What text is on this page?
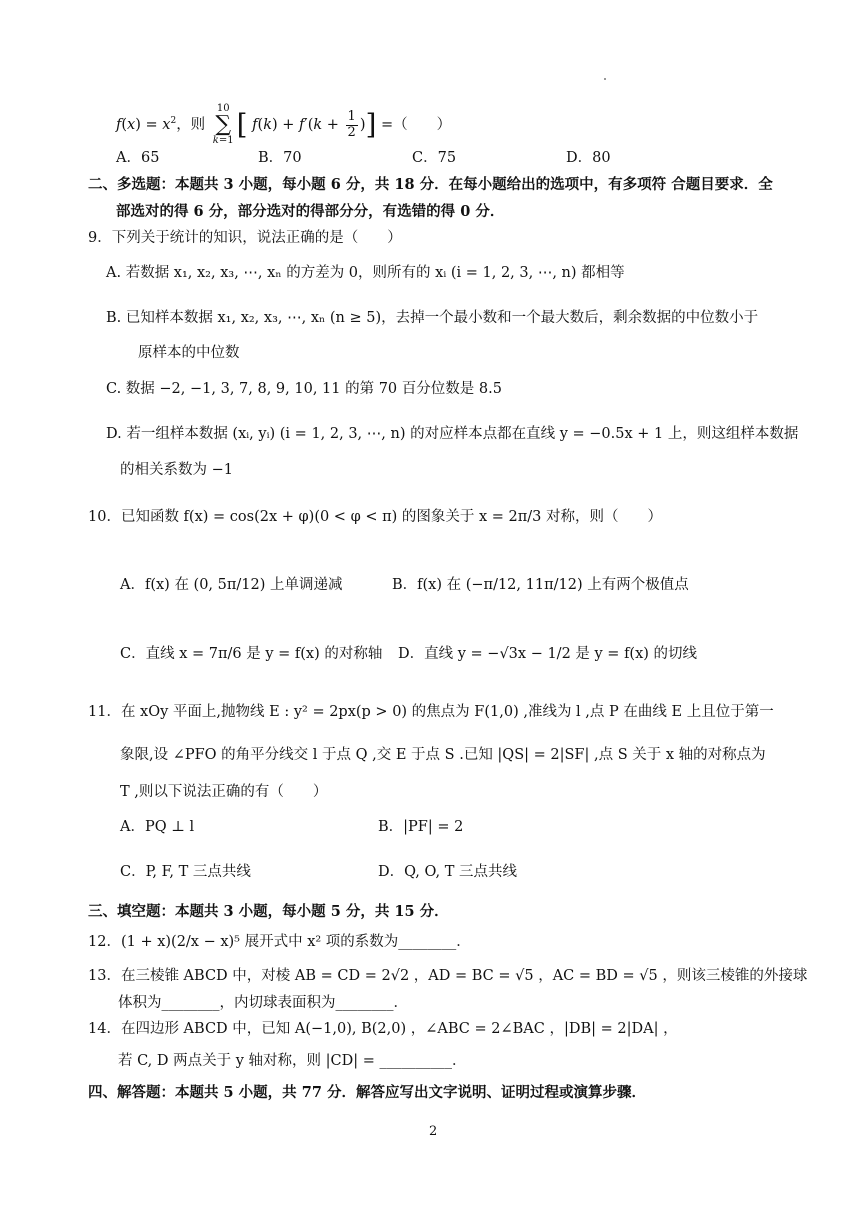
$f(x) = x^2$，则
10
∑
k=1 [ $f(k) + f'(k + \frac{1}{2}$ )] =（　　）
A．65	B．70	C．75	D．80
二、多选题：本题共 3 小题，每小题 6 分，共 18 分．在每小题给出的选项中，有多项符 合题目要求．全
部选对的得 6 分，部分选对的得部分分，有选错的得 0 分．
9．下列关于统计的知识，说法正确的是（　　）
A. 若数据 x₁, x₂, x₃, ⋯, xₙ 的方差为 0，则所有的 xᵢ (i = 1, 2, 3, ⋯, n) 都相等
B. 已知样本数据 x₁, x₂, x₃, ⋯, xₙ (n ≥ 5)，去掉一个最小数和一个最大数后，剩余数据的中位数小于
原样本的中位数
C. 数据 −2, −1, 3, 7, 8, 9, 10, 11 的第 70 百分位数是 8.5
D. 若一组样本数据 (xᵢ, yᵢ) (i = 1, 2, 3, ⋯, n) 的对应样本点都在直线 y = −0.5x + 1 上，则这组样本数据
的相关系数为 −1
10．已知函数 f(x) = cos(2x + φ)(0 < φ < π) 的图象关于 x = 2π/3 对称，则（　　）
A．f(x) 在 (0, 5π/12) 上单调递减	B．f(x) 在 (−π/12, 11π/12) 上有两个极值点
C．直线 x = 7π/6 是 y = f(x) 的对称轴 D．直线 y = −√3x − 1/2 是 y = f(x) 的切线
11．在 xOy 平面上,抛物线 E : y² = 2px(p > 0) 的焦点为 F(1,0) ,准线为 l ,点 P 在曲线 E 上且位于第一
象限,设 ∠PFO 的角平分线交 l 于点 Q ,交 E 于点 S .已知 |QS| = 2|SF| ,点 S 关于 x 轴的对称点为
T ,则以下说法正确的有（　　）
A．PQ ⊥ l	B．|PF| = 2
C．P, F, T 三点共线	D．Q, O, T 三点共线
三、填空题：本题共 3 小题，每小题 5 分，共 15 分．
12．(1 + x)(2/x − x)⁵ 展开式中 x² 项的系数为________．
13．在三棱锥 ABCD 中，对棱 AB = CD = 2√2 ，AD = BC = √5 ，AC = BD = √5 ，则该三棱锥的外接球
体积为________，内切球表面积为________．
14．在四边形 ABCD 中，已知 A(−1,0), B(2,0) ，∠ABC = 2∠BAC ，|DB| = 2|DA| ，
若 C, D 两点关于 y 轴对称，则 |CD| = __________．
四、解答题：本题共 5 小题，共 77 分．解答应写出文字说明、证明过程或演算步骤．
2
